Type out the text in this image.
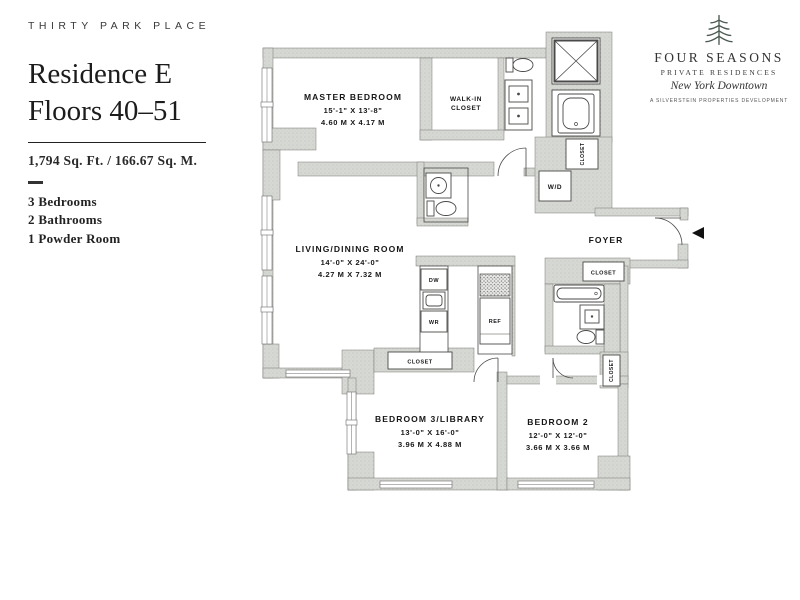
THIRTY PARK PLACE
Residence E
Floors 40–51
1,794 Sq. Ft. / 166.67 Sq. M.
3 Bedrooms
2 Bathrooms
1 Powder Room
FOUR SEASONS
PRIVATE RESIDENCES
New York Downtown
A SILVERSTEIN PROPERTIES DEVELOPMENT
CLOSET
W/D
DW
WR	REF
CLOSET
CLOSET	CLOSET
MASTER BEDROOM
15'-1" X 13'-8"
4.60 M X 4.17 M
WALK-IN
CLOSET
LIVING/DINING ROOM
14'-0" X 24'-0"
4.27 M X 7.32 M
FOYER
BEDROOM 3/LIBRARY
13'-0" X 16'-0"
3.96 M X 4.88 M
BEDROOM 2
12'-0" X 12'-0"
3.66 M X 3.66 M
